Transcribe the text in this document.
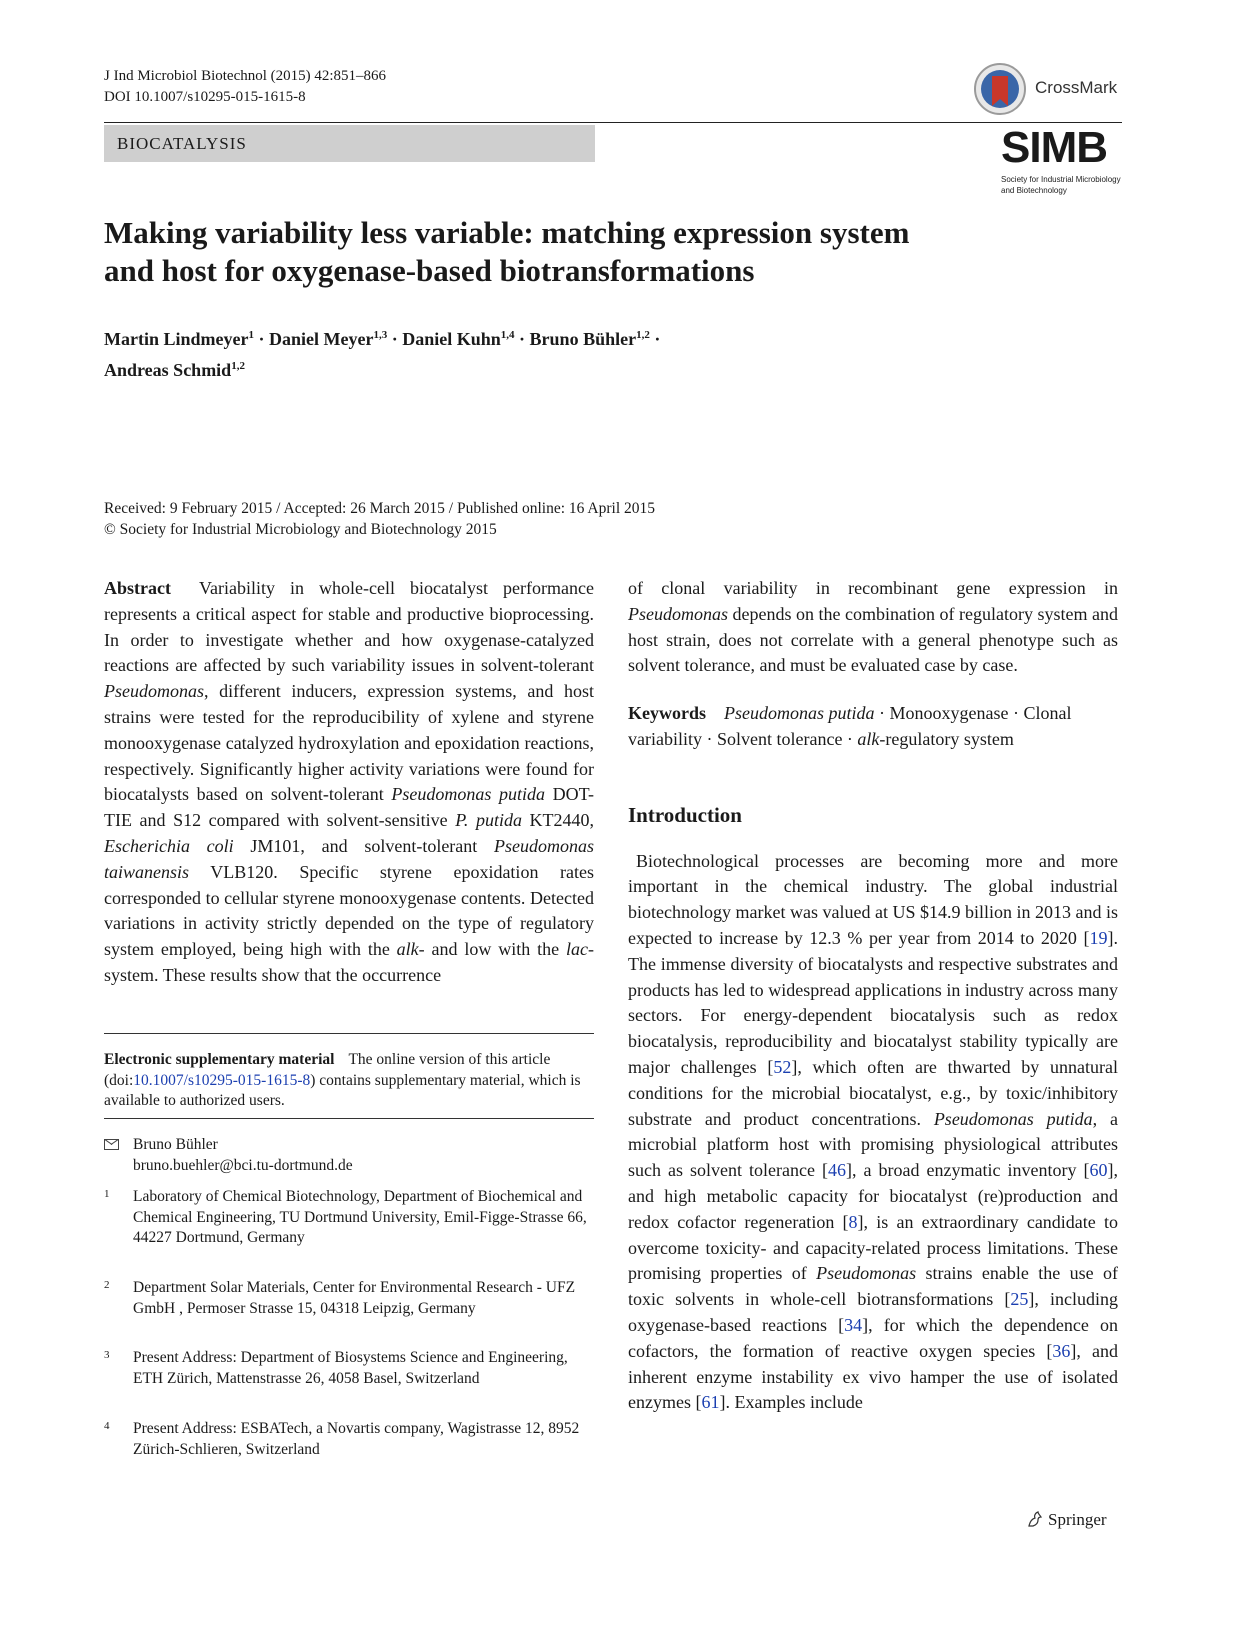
J Ind Microbiol Biotechnol (2015) 42:851–866
DOI 10.1007/s10295-015-1615-8
BIOCATALYSIS
CrossMark
SIMB
Society for Industrial Microbiology
and Biotechnology
Making variability less variable: matching expression system
and host for oxygenase-based biotransformations
Martin Lindmeyer$^1$ · Daniel Meyer$^{1,3}$ · Daniel Kuhn$^{1,4}$ · Bruno Bühler$^{1,2}$ ·
Andreas Schmid$^{1,2}$
Received: 9 February 2015 / Accepted: 26 March 2015 / Published online: 16 April 2015
© Society for Industrial Microbiology and Biotechnology 2015

Abstract Variability in whole-cell biocatalyst performance represents a critical aspect for stable and productive bioprocessing. In order to investigate whether and how oxygenase-catalyzed reactions are affected by such variability issues in solvent-tolerant Pseudomonas, different inducers, expression systems, and host strains were tested for the reproducibility of xylene and styrene monooxygenase catalyzed hydroxylation and epoxidation reactions, respectively. Significantly higher activity variations were found for biocatalysts based on solvent-tolerant Pseudomonas putida DOT-TIE and S12 compared with solvent-sensitive P. putida KT2440, Escherichia coli JM101, and solvent-tolerant Pseudomonas taiwanensis VLB120. Specific styrene epoxidation rates corresponded to cellular styrene monooxygenase contents. Detected variations in activity strictly depended on the type of regulatory system employed, being high with the alk- and low with the lac-system. These results show that the occurrence

Electronic supplementary material The online version of this article (doi:10.1007/s10295-015-1615-8) contains supplementary material, which is available to authorized users.
Bruno Bühler
bruno.buehler@bci.tu-dortmund.de
1 Laboratory of Chemical Biotechnology, Department of Biochemical and Chemical Engineering, TU Dortmund University, Emil-Figge-Strasse 66, 44227 Dortmund, Germany
2 Department Solar Materials, Center for Environmental Research - UFZ GmbH , Permoser Strasse 15, 04318 Leipzig, Germany
3 Present Address: Department of Biosystems Science and Engineering, ETH Zürich, Mattenstrasse 26, 4058 Basel, Switzerland
4 Present Address: ESBATech, a Novartis company, Wagistrasse 12, 8952 Zürich-Schlieren, Switzerland

of clonal variability in recombinant gene expression in Pseudomonas depends on the combination of regulatory system and host strain, does not correlate with a general phenotype such as solvent tolerance, and must be evaluated case by case.

Keywords Pseudomonas putida · Monooxygenase · Clonal variability · Solvent tolerance · alk-regulatory system

Introduction

Biotechnological processes are becoming more and more important in the chemical industry. The global industrial biotechnology market was valued at US $14.9 billion in 2013 and is expected to increase by 12.3 % per year from 2014 to 2020 [19]. The immense diversity of biocatalysts and respective substrates and products has led to widespread applications in industry across many sectors. For energy-dependent biocatalysis such as redox biocatalysis, reproducibility and biocatalyst stability typically are major challenges [52], which often are thwarted by unnatural conditions for the microbial biocatalyst, e.g., by toxic/inhibitory substrate and product concentrations. Pseudomonas putida, a microbial platform host with promising physiological attributes such as solvent tolerance [46], a broad enzymatic inventory [60], and high metabolic capacity for biocatalyst (re)production and redox cofactor regeneration [8], is an extraordinary candidate to overcome toxicity- and capacity-related process limitations. These promising properties of Pseudomonas strains enable the use of toxic solvents in whole-cell biotransformations [25], including oxygenase-based reactions [34], for which the dependence on cofactors, the formation of reactive oxygen species [36], and inherent enzyme instability ex vivo hamper the use of isolated enzymes [61]. Examples include

Springer
